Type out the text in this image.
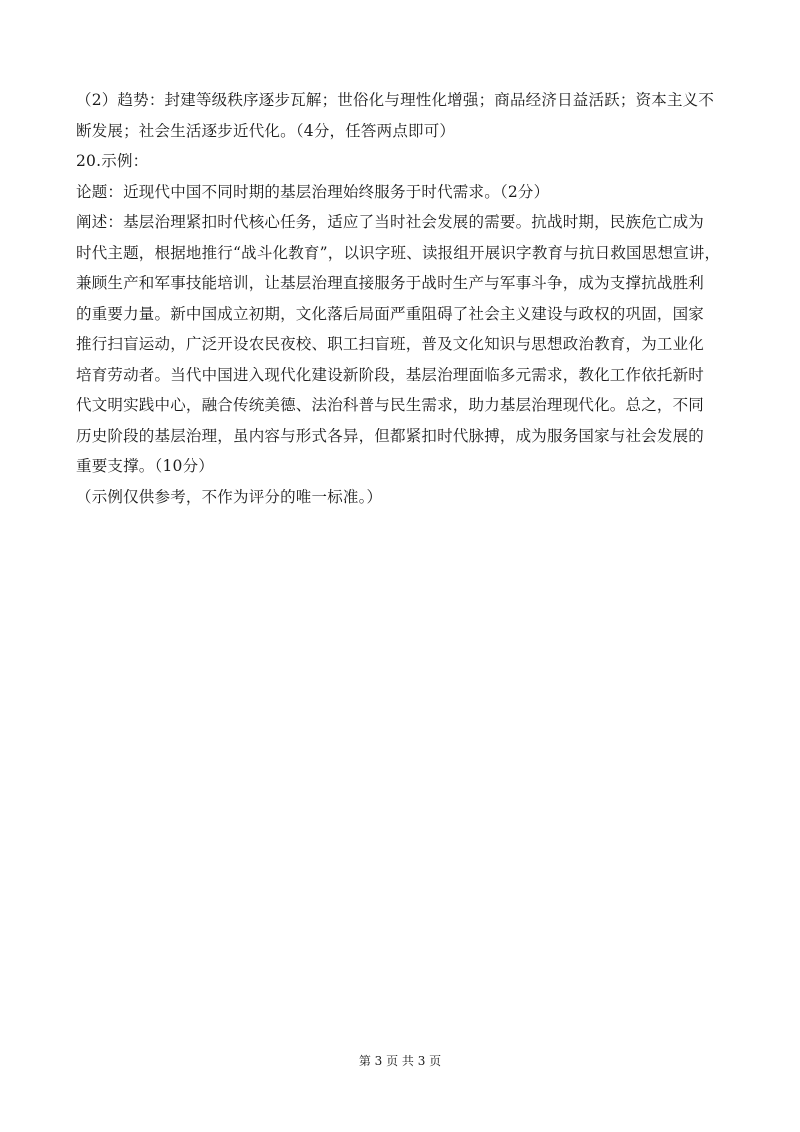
（2）趋势：封建等级秩序逐步瓦解；世俗化与理性化增强；商品经济日益活跃；资本主义不
断发展；社会生活逐步近代化。（4分，任答两点即可）
20.示例：
论题：近现代中国不同时期的基层治理始终服务于时代需求。（2分）
阐述：基层治理紧扣时代核心任务，适应了当时社会发展的需要。抗战时期，民族危亡成为
时代主题，根据地推行“战斗化教育”，以识字班、读报组开展识字教育与抗日救国思想宣讲，
兼顾生产和军事技能培训，让基层治理直接服务于战时生产与军事斗争，成为支撑抗战胜利
的重要力量。新中国成立初期，文化落后局面严重阻碍了社会主义建设与政权的巩固，国家
推行扫盲运动，广泛开设农民夜校、职工扫盲班，普及文化知识与思想政治教育，为工业化
培育劳动者。当代中国进入现代化建设新阶段，基层治理面临多元需求，教化工作依托新时
代文明实践中心，融合传统美德、法治科普与民生需求，助力基层治理现代化。总之，不同
历史阶段的基层治理，虽内容与形式各异，但都紧扣时代脉搏，成为服务国家与社会发展的
重要支撑。（10分）
（示例仅供参考，不作为评分的唯一标准。）
第 3 页 共 3 页
